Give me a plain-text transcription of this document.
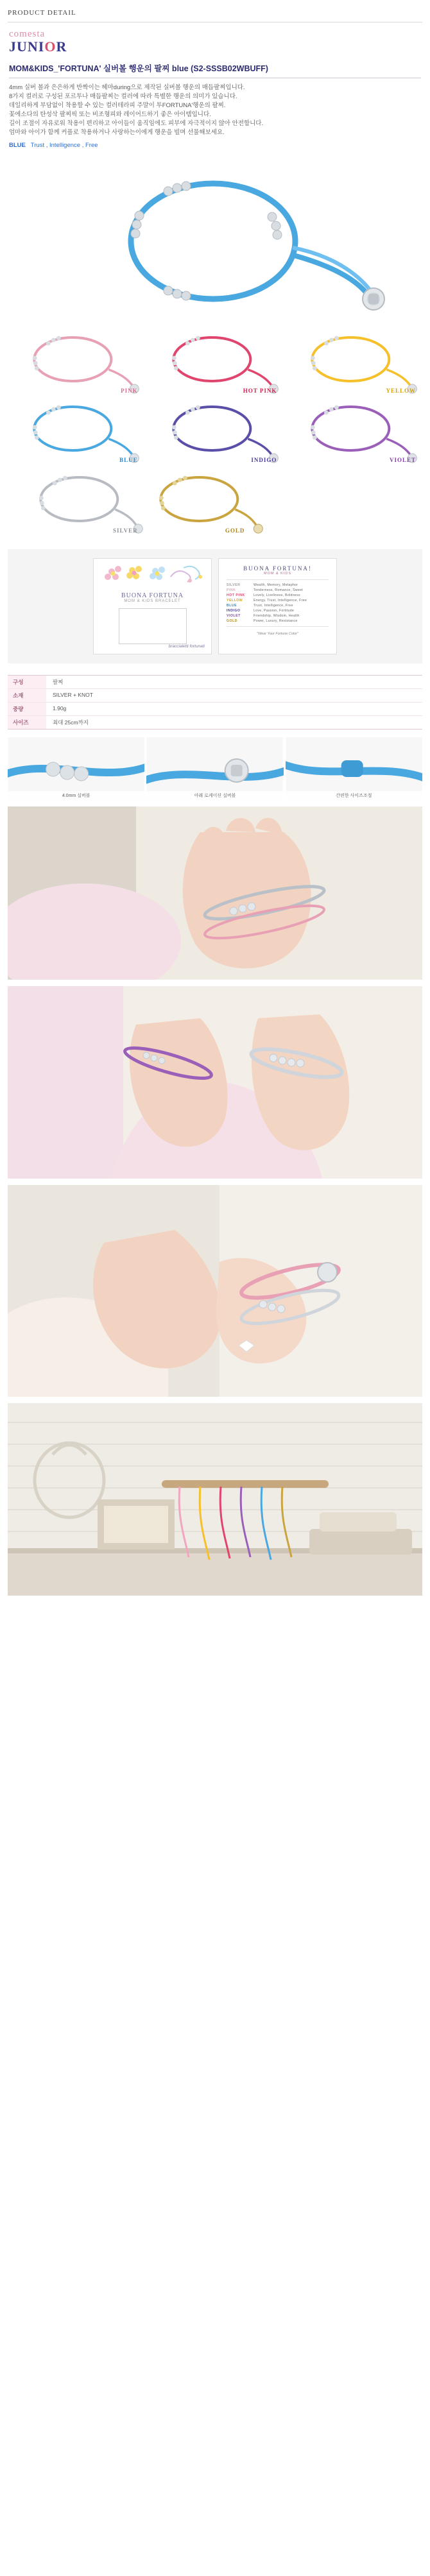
PRODUCT DETAIL
comesta
JUNIOR
MOM&KIDS_'FORTUNA' 실버볼 행운의 팔찌 blue (S2-SSSB02WBUFF)

4mm 실버 볼과 은은하게 반짝이는 헤마during으로 제작된 실버볼 행운의 매듭팔찌입니다.

8가지 컬러로 구성된 포르투나 매듭팔찌는 컬러에 따라 특별한 행운의 의미가 있습니다.

데일리하게 부담없이 착용할 수 있는 컬러테라피 주말이 투FORTUNA'행운의 팔찌.

꽃에소다의 탄성삭 팔찌픽 또는 비조형피와 레이어드하기 좋은 아이템입니다.

길이 조절이 자유로워 착용이 편리하고 아이들이 움직임에도 피부에 자극적이지 않아 안전합니다.

엄마와 아이가 함께 커플로 착용하거나 사랑하는이에게 행운을 빌며 선물해보세요.

BLUE Trust , Intelligence , Free

PINK	HOT PINK	YELLOW
BLUE	INDIGO	VIOLET
SILVER	GOLD
BUONA FORTUNA
MOM & KIDS BRACELET
braccialetti fortunati
BUONA FORTUNA!
MOM & KIDS
SILVER	Wealth, Memory, Metaphor
PINK	Tenderness, Romance, Sweet
HOT PINK	Lovely, Liveliness, Boldness
YELLOW	Energy, Trust, Intelligence, Free
BLUE	Trust, Intelligence, Free
INDIGO	Love, Passion, Fortitude
VIOLET	Friendship, Wisdom, Health
GOLD	Power, Luxury, Resistance
"Wear Your Fortune Color"
구성	팔찌
소재	SILVER + KNOT
중량	1.90g
사이즈	최대 25cm까지
4.0mm 실버볼	아래 로케이션 실버볼	간편한 사이즈조절
